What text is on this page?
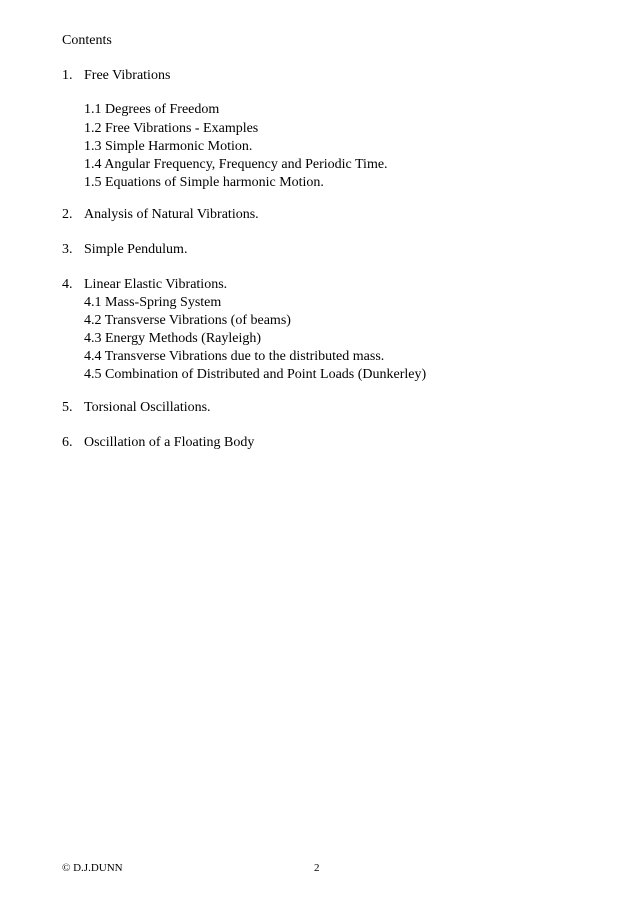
Contents
1. Free Vibrations
1.1 Degrees of Freedom
1.2 Free Vibrations - Examples
1.3 Simple Harmonic Motion.
1.4 Angular Frequency, Frequency and Periodic Time.
1.5 Equations of Simple harmonic Motion.
2. Analysis of Natural Vibrations.
3. Simple Pendulum.
4. Linear Elastic Vibrations.
4.1 Mass-Spring System
4.2 Transverse Vibrations (of beams)
4.3 Energy Methods (Rayleigh)
4.4 Transverse Vibrations due to the distributed mass.
4.5 Combination of Distributed and Point Loads (Dunkerley)
5. Torsional Oscillations.
6. Oscillation of a Floating Body
© D.J.DUNN	2
